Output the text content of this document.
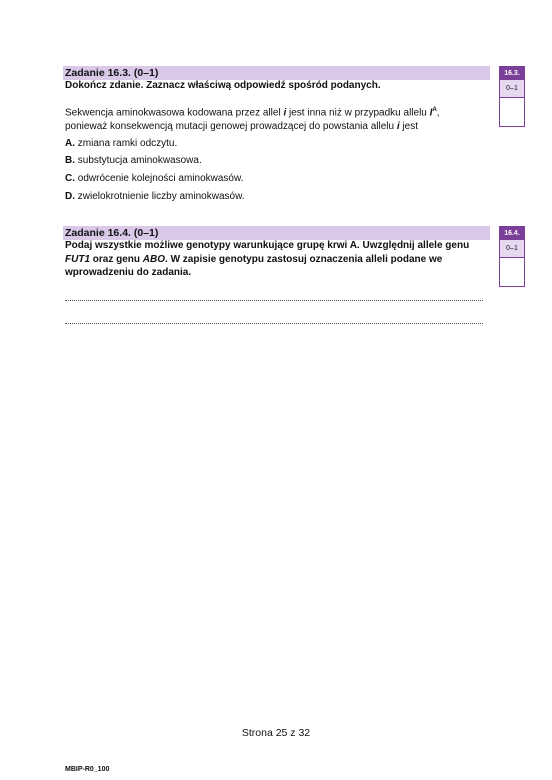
Zadanie 16.3. (0–1)
Dokończ zdanie. Zaznacz właściwą odpowiedź spośród podanych.
Sekwencja aminokwasowa kodowana przez allel i jest inna niż w przypadku allelu $I^A$,
ponieważ konsekwencją mutacji genowej prowadzącej do powstania allelu i jest
A. zmiana ramki odczytu.
B. substytucja aminokwasowa.
C. odwrócenie kolejności aminokwasów.
D. zwielokrotnienie liczby aminokwasów.
16.3.
0–1
Zadanie 16.4. (0–1)
Podaj wszystkie możliwe genotypy warunkujące grupę krwi A. Uwzględnij allele genu
FUT1 oraz genu ABO. W zapisie genotypu zastosuj oznaczenia alleli podane we
wprowadzeniu do zadania.
16.4.
0–1
Strona 25 z 32
MBIP-R0_100
